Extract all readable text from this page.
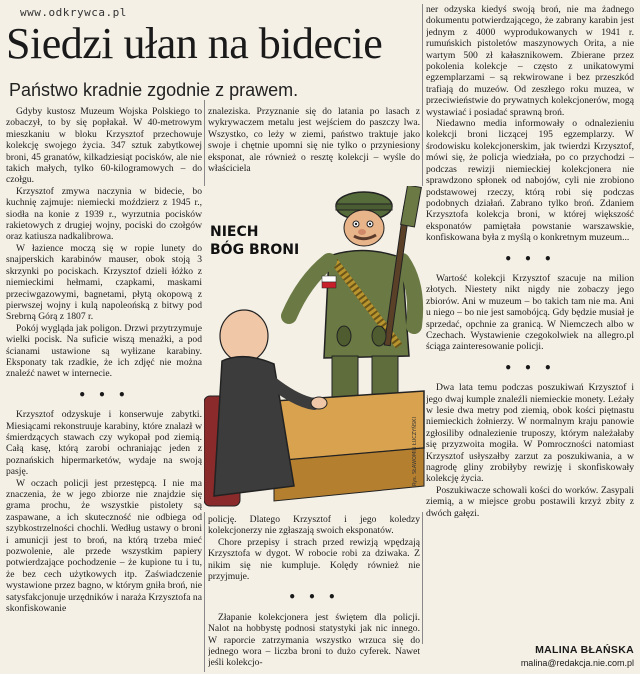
www.odkrywca.pl
Siedzi ułan na bidecie
Państwo kradnie zgodnie z prawem.

Gdyby kustosz Muzeum Wojska Polskiego to zobaczył, to by się popłakał. W 40-metrowym mieszkaniu w bloku Krzysztof przechowuje kolekcję swojego życia. 347 sztuk zabytkowej broni, 45 granatów, kilkadziesiąt pocisków, ale nie takich małych, tylko 60-kilogramowych – do czołgu.

Krzysztof zmywa naczynia w bidecie, bo kuchnię zajmuje: niemiecki moździerz z 1945 r., siodła na konie z 1939 r., wyrzutnia pocisków rakietowych z drugiej wojny, pociski do czołgów oraz katiusza nadkalibrowa.

W łazience moczą się w ropie lunety do snajperskich karabinów mauser, obok stoją 3 skrzynki po pociskach. Krzysztof dzieli łóżko z niemieckimi hełmami, czapkami, maskami przeciwgazowymi, bagnetami, płytą okopową z pierwszej wojny i kulą napoleońską z bitwy pod Srebrną Górą z 1807 r.

Pokój wygląda jak poligon. Drzwi przytrzymuje wielki pocisk. Na suficie wiszą menażki, a pod ścianami ustawione są wyłizane karabiny. Eksponaty tak rzadkie, że ich zdjęć nie można znaleźć nawet w internecie.

• • •

Krzysztof odzyskuje i konserwuje zabytki. Miesiącami rekonstruuje karabiny, które znalazł w śmierdzących stawach czy wykopał pod ziemią. Całą kasę, którą zarobi ochraniając jeden z poznańskich hipermarketów, wydaje na swoją pasję.

W oczach policji jest przestępcą. I nie ma znaczenia, że w jego zbiorze nie znajdzie się grama prochu, że wszystkie pistolety są zaspawane, a ich skuteczność nie odbiega od szybkostrzelności chochli. Według ustawy o broni i amunicji jest to broń, na którą trzeba mieć pozwolenie, ale przede wszystkim papiery potwierdzające pochodzenie – że kupione tu i tu, że bez cech użytkowych itp. Zaświadczenie wystawione przez bagno, w którym gniła broń, nie satysfakcjonuje urzędników i naraża Krzysztofa na skonfiskowanie

znaleziska. Przyznanie się do latania po lasach z wykrywaczem metalu jest wejściem do paszczy lwa. Wszystko, co leży w ziemi, państwo traktuje jako swoje i chętnie upomni się nie tylko o przyniesiony eksponat, ale również o resztę kolekcji – wyśle do właściciela

NIECH
BÓG BRONI
Rys. SŁAWOMIR ŁUCZYŃSKI

policję. Dlatego Krzysztof i jego koledzy kolekcjonerzy nie zgłaszają swoich eksponatów.

Chore przepisy i strach przed rewizją wpędzają Krzysztofa w dygot. W robocie robi za dziwaka. Z nikim się nie kumpluje. Kolędy również nie przyjmuje.

• • •

Złapanie kolekcjonera jest świętem dla policji. Nalot na hobbystę podnosi statystyki jak nic innego. W raporcie zatrzymania wszystko wrzuca się do jednego wora – liczba broni to dużo cyferek. Nawet jeśli kolekcjo-

ner odzyska kiedyś swoją broń, nie ma żadnego dokumentu potwierdzającego, że zabrany karabin jest jednym z 4000 wyprodukowanych w 1941 r. rumuńskich pistoletów maszynowych Orita, a nie wartym 500 zł kałasznikowem. Zbierane przez pokolenia kolekcje – często z unikatowymi egzemplarzami – są rekwirowane i bez przeszkód trafiają do muzeów. Od zeszłego roku muzea, w przeciwieństwie do prywatnych kolekcjonerów, mogą wystawiać i posiadać sprawną broń.

Niedawno media informowały o odnalezieniu kolekcji broni liczącej 195 egzemplarzy. W środowisku kolekcjonerskim, jak twierdzi Krzysztof, mówi się, że policja wiedziała, po co przychodzi – podczas rewizji niemieckiej kolekcjonera nie sprawdzono spłonek od nabojów, cyli nie zrobiono podstawowej rzeczy, którą robi się podczas podobnych działań. Zabrano tylko broń. Zdaniem Krzysztofa kolekcja broni, w której większość eksponatów pamiętała powstanie warszawskie, konfiskowana była z myślą o konkretnym muzeum...

• • •

Wartość kolekcji Krzysztof szacuje na milion złotych. Niestety nikt nigdy nie zobaczy jego zbiorów. Ani w muzeum – bo takich tam nie ma. Ani u niego – bo nie jest samobójcą. Gdy będzie musiał je sprzedać, opchnie za granicą. W Niemczech albo w Czechach. Wystawienie czegokolwiek na allegro.pl ściąga zainteresowanie policji.

• • •

Dwa lata temu podczas poszukiwań Krzysztof i jego dwaj kumple znaleźli niemieckie monety. Leżały w lesie dwa metry pod ziemią, obok kości piętnastu niemieckich żołnierzy. W normalnym kraju panowie zgłosiliby odnalezienie truposzy, którym należałaby się przyzwoita mogiła. W Pomroczności natomiast Krzysztof usłyszałby zarzut za poszukiwania, a w nagrodę gliny zrobiłyby rewizję i skonfiskowały kolekcję życia.

Poszukiwacze schowali kości do worków. Zasypali ziemią, a w miejsce grobu postawili krzyż zbity z dwóch gałęzi.

MALINA BŁAŃSKA
malina@redakcja.nie.com.pl
